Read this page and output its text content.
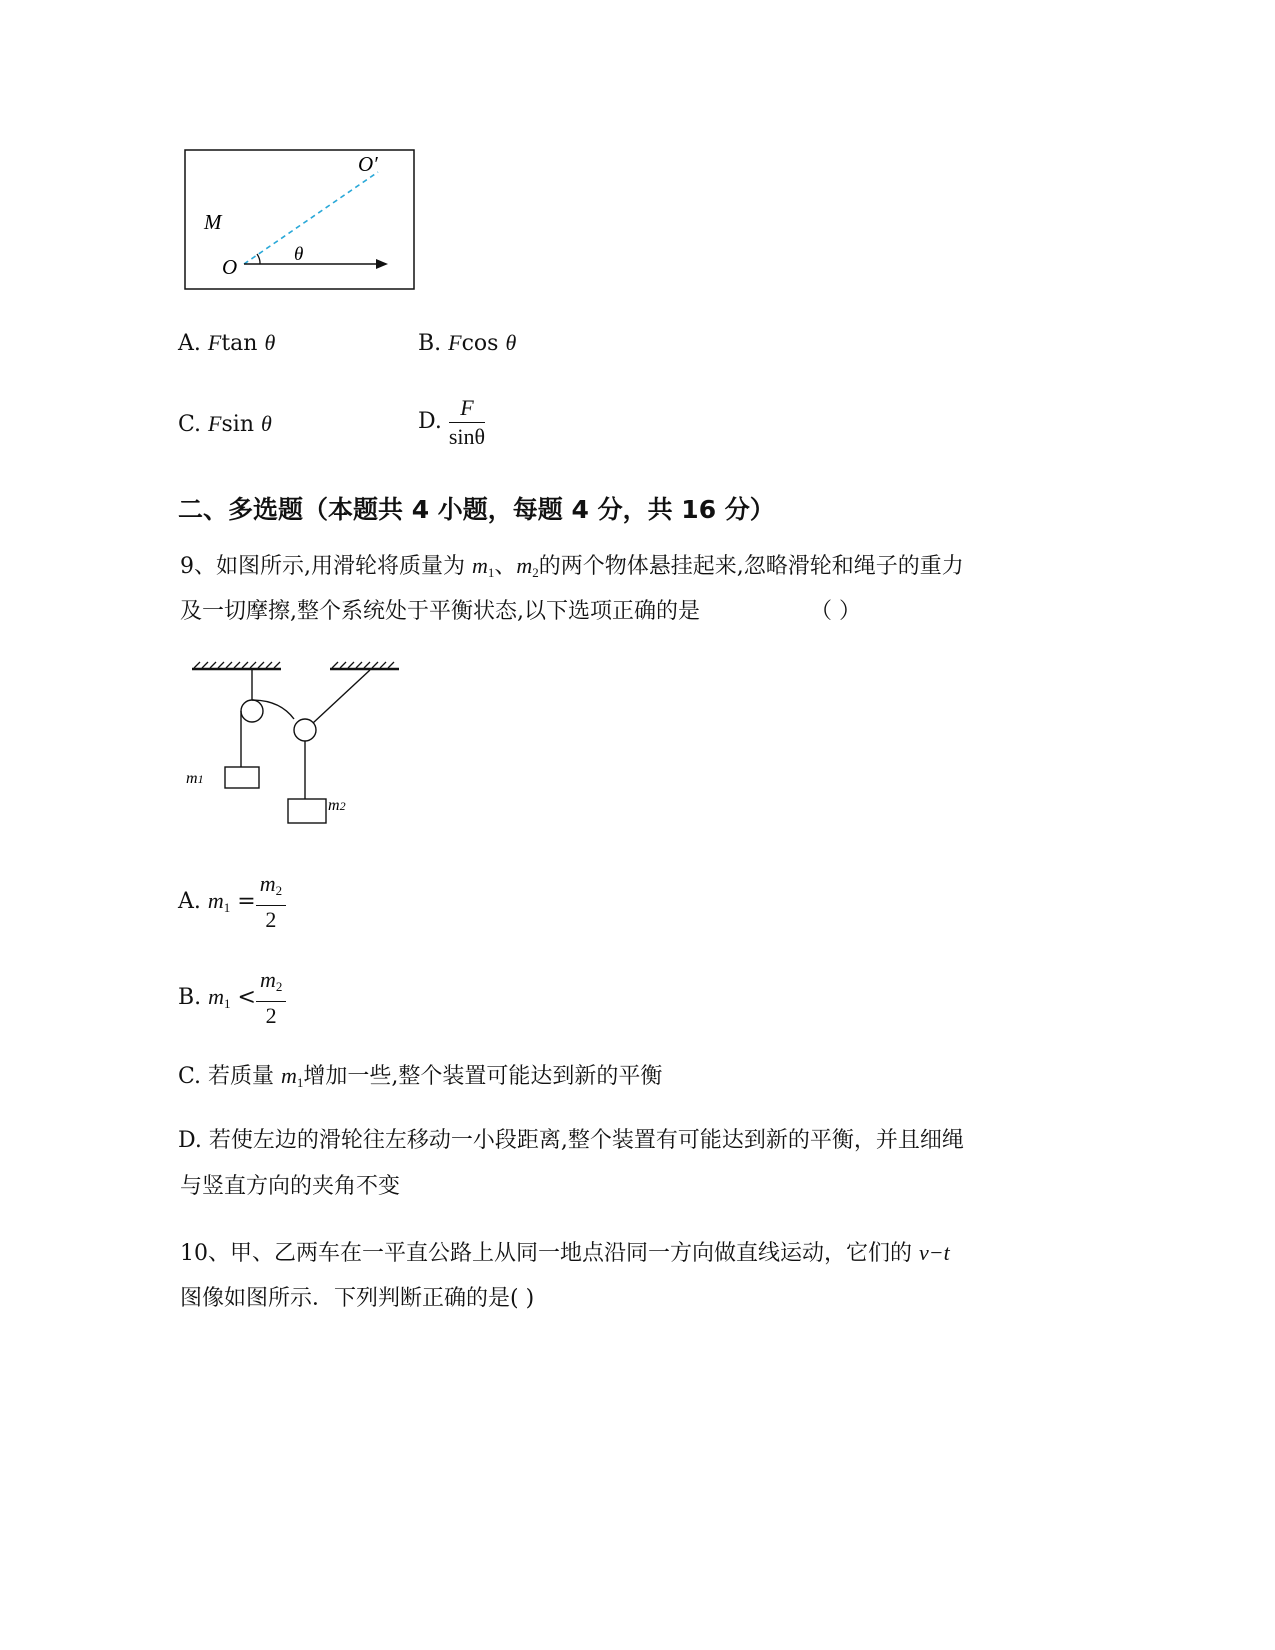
O′
M
O
θ
A. Ftan θ	B. Fcos θ
C. Fsin θ	D. $\frac{F}{\sin\theta}$
二、多选题（本题共 4 小题，每题 4 分，共 16 分）
9、如图所示,用滑轮将质量为 $m_1$、$m_2$的两个物体悬挂起来,忽略滑轮和绳子的重力
及一切摩擦,整个系统处于平衡状态,以下选项正确的是	（ ）
m1
m2
A. $m_1 = \frac{m_2}{2}$
B. $m_1 < \frac{m_2}{2}$
C. 若质量 $m_1$增加一些,整个装置可能达到新的平衡
D. 若使左边的滑轮往左移动一小段距离,整个装置有可能达到新的平衡，并且细绳
与竖直方向的夹角不变
10、甲、乙两车在一平直公路上从同一地点沿同一方向做直线运动，它们的 v−t
图像如图所示．下列判断正确的是( )
